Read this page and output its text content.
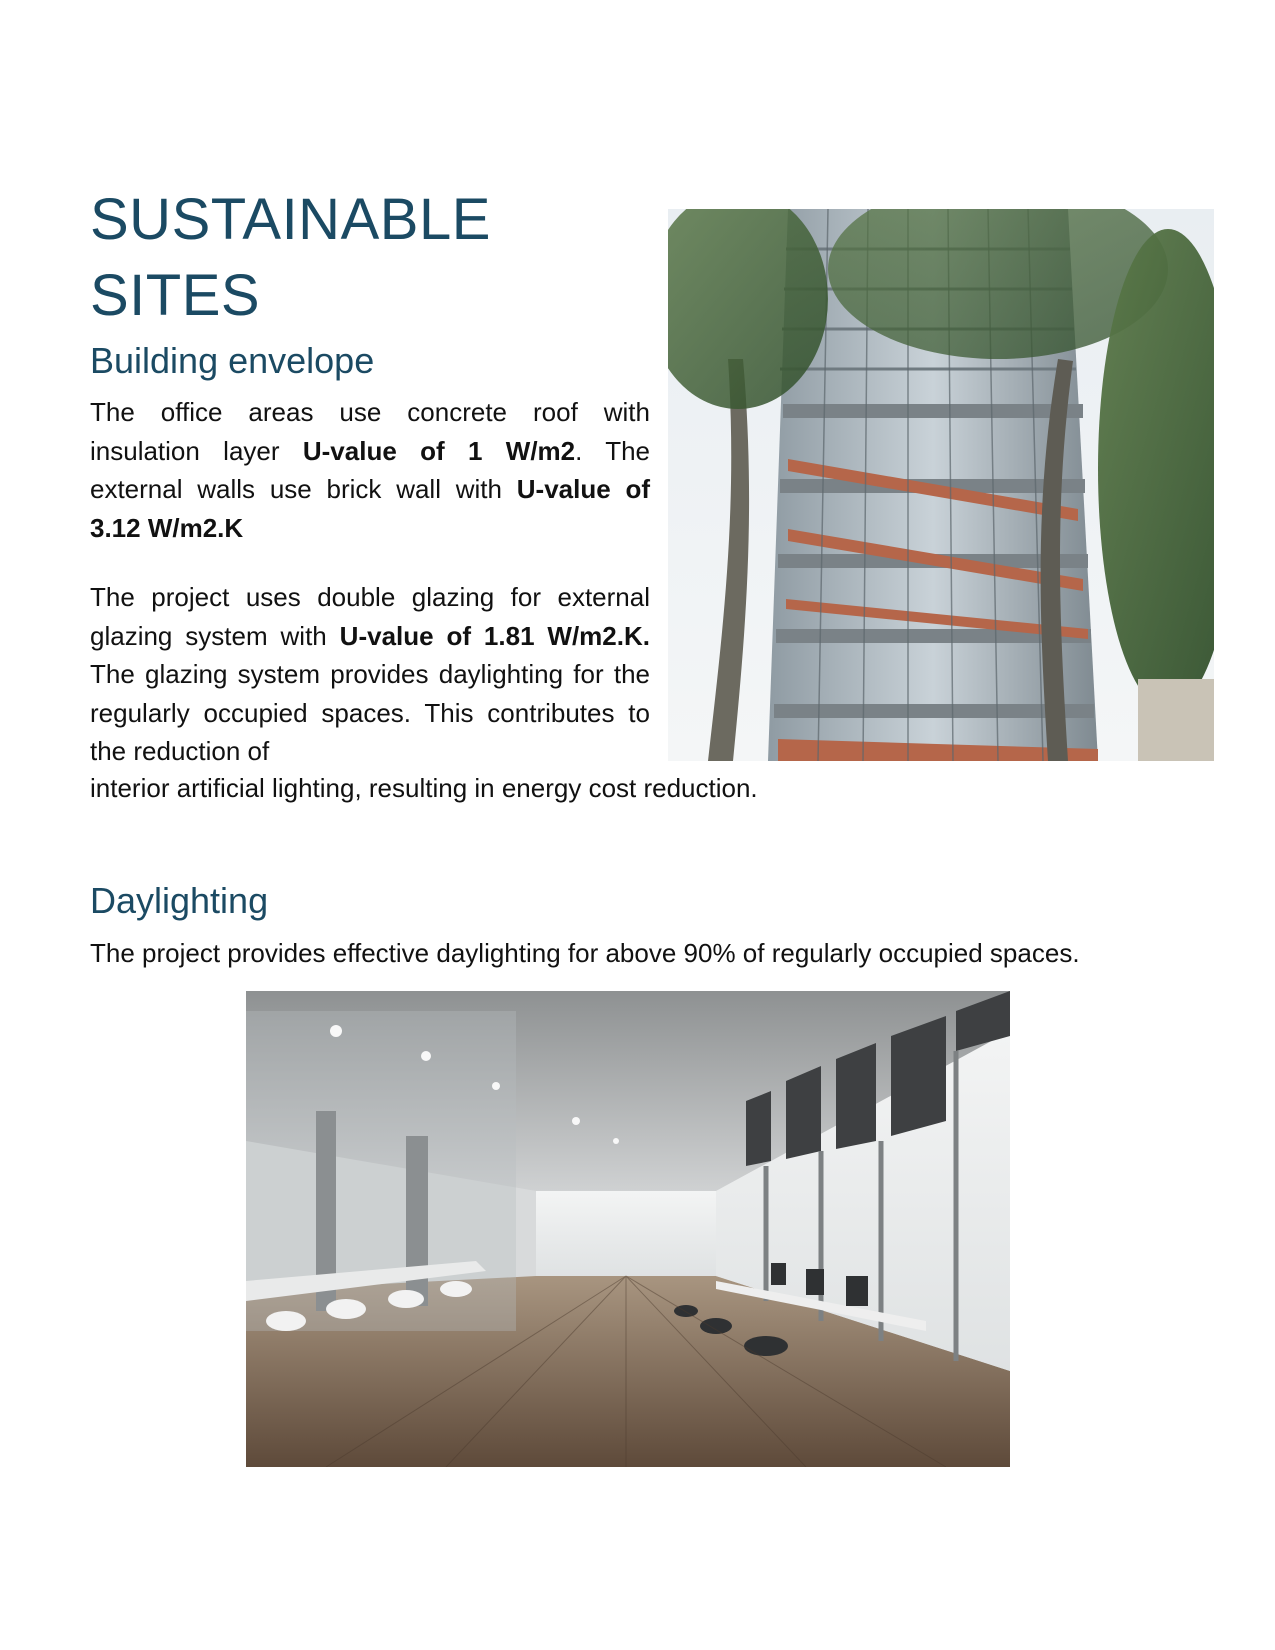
SUSTAINABLE
SITES
Building envelope

The office areas use concrete roof with insulation layer U-value of 1 W/m2. The external walls use brick wall with U-value of 3.12 W/m2.K

The project uses double glazing for external glazing system with U-value of 1.81 W/m2.K. The glazing system provides daylighting for the regularly occupied spaces. This contributes to the reduction of

interior artificial lighting, resulting in energy cost reduction.

Daylighting

The project provides effective daylighting for above 90% of regularly occupied spaces.
